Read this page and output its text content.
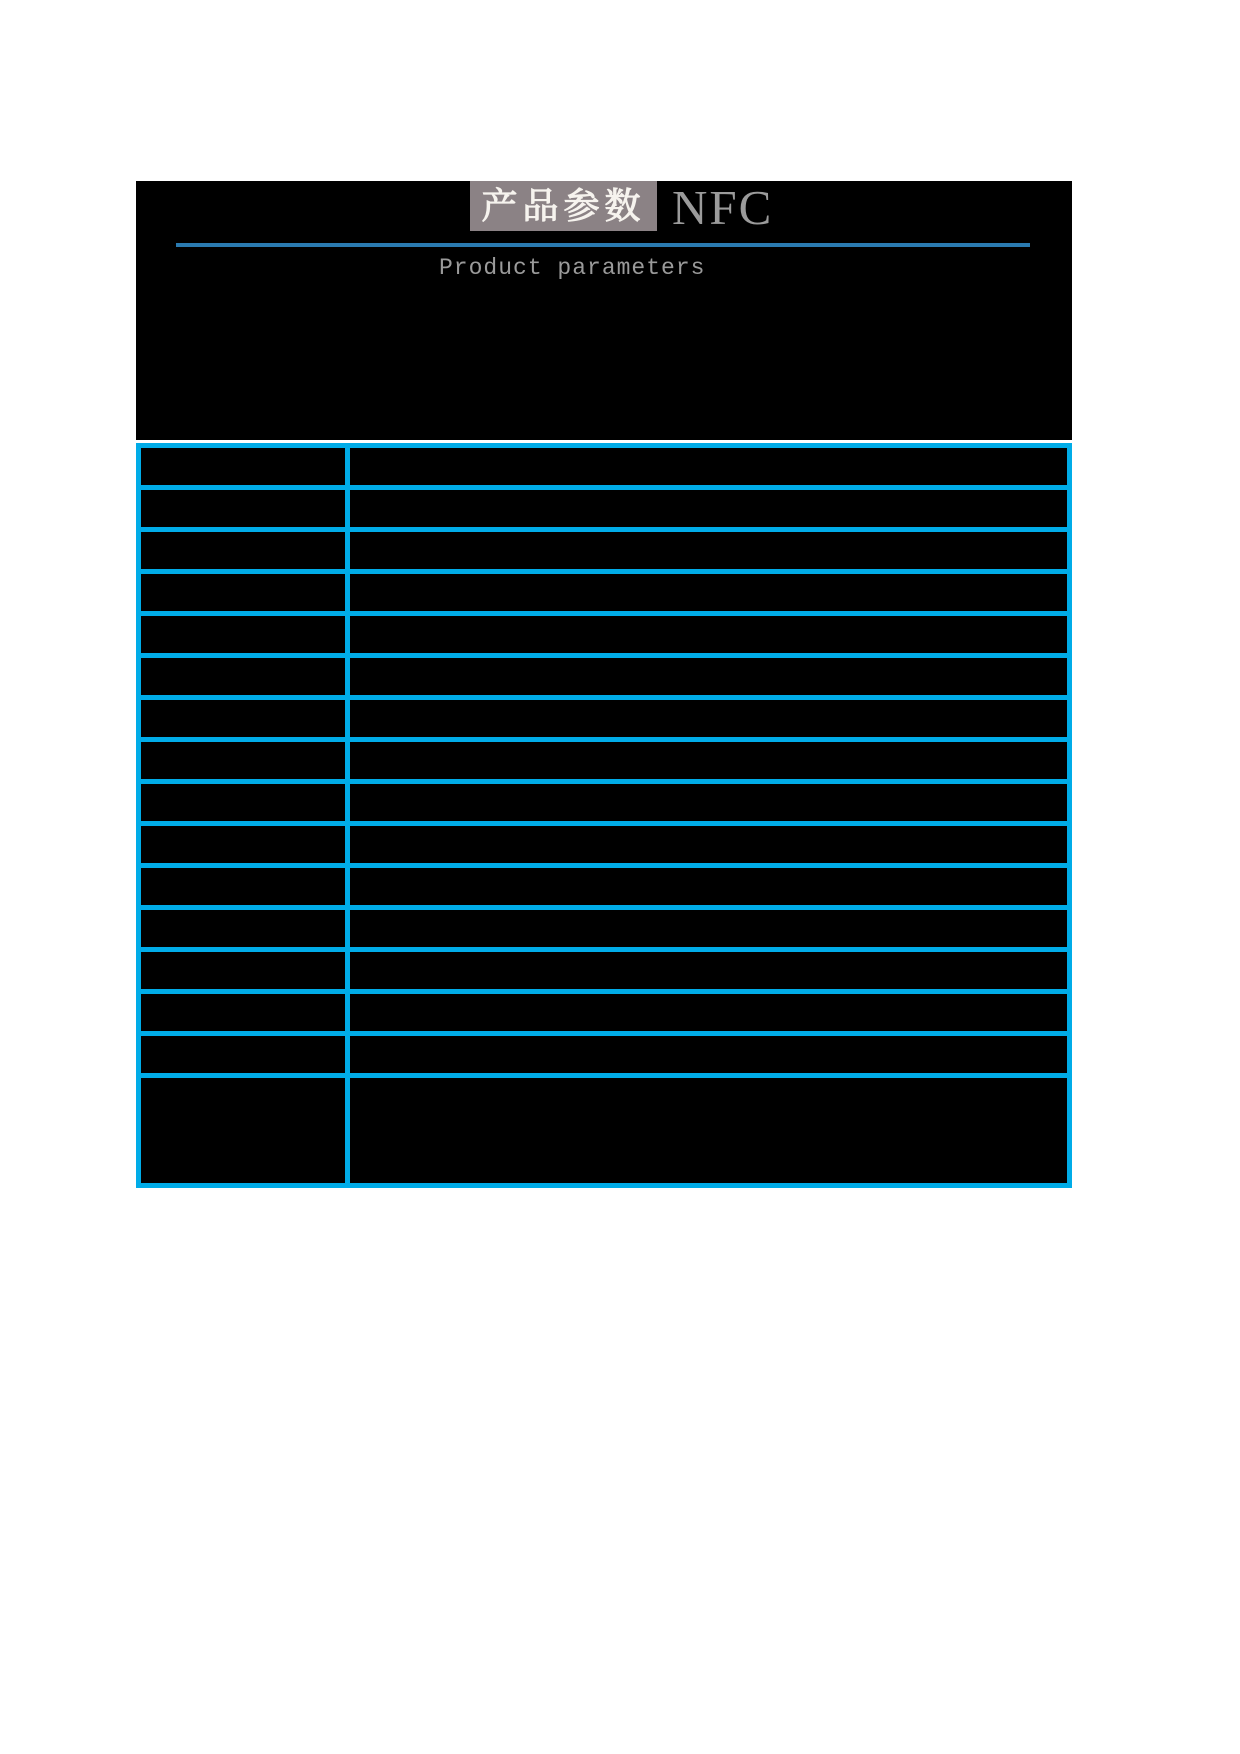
产品参数 NFC
Product parameters
